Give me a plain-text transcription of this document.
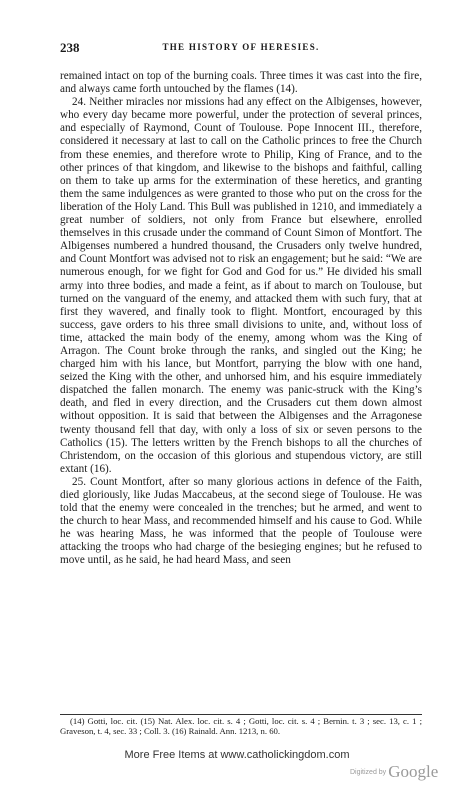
238	THE HISTORY OF HERESIES.

remained intact on top of the burning coals. Three times it was cast into the fire, and always came forth untouched by the flames (14).

24. Neither miracles nor missions had any effect on the Albigenses, however, who every day became more powerful, under the protection of several princes, and especially of Raymond, Count of Toulouse. Pope Innocent III., therefore, considered it necessary at last to call on the Catholic princes to free the Church from these enemies, and therefore wrote to Philip, King of France, and to the other princes of that kingdom, and likewise to the bishops and faithful, calling on them to take up arms for the extermination of these heretics, and granting them the same indulgences as were granted to those who put on the cross for the liberation of the Holy Land. This Bull was published in 1210, and immediately a great number of soldiers, not only from France but elsewhere, enrolled themselves in this crusade under the command of Count Simon of Montfort. The Albigenses numbered a hundred thousand, the Crusaders only twelve hundred, and Count Montfort was advised not to risk an engagement; but he said: “We are numerous enough, for we fight for God and God for us.” He divided his small army into three bodies, and made a feint, as if about to march on Toulouse, but turned on the vanguard of the enemy, and attacked them with such fury, that at first they wavered, and finally took to flight. Montfort, encouraged by this success, gave orders to his three small divisions to unite, and, without loss of time, attacked the main body of the enemy, among whom was the King of Arragon. The Count broke through the ranks, and singled out the King; he charged him with his lance, but Montfort, parrying the blow with one hand, seized the King with the other, and unhorsed him, and his esquire immediately dispatched the fallen monarch. The enemy was panic-struck with the King’s death, and fled in every direction, and the Crusaders cut them down almost without opposition. It is said that between the Albigenses and the Arragonese twenty thousand fell that day, with only a loss of six or seven persons to the Catholics (15). The letters written by the French bishops to all the churches of Christendom, on the occasion of this glorious and stupendous victory, are still extant (16).

25. Count Montfort, after so many glorious actions in defence of the Faith, died gloriously, like Judas Maccabeus, at the second siege of Toulouse. He was told that the enemy were concealed in the trenches; but he armed, and went to the church to hear Mass, and recommended himself and his cause to God. While he was hearing Mass, he was informed that the people of Toulouse were attacking the troops who had charge of the besieging engines; but he refused to move until, as he said, he had heard Mass, and seen

(14) Gotti, loc. cit. (15) Nat. Alex. loc. cit. s. 4 ; Gotti, loc. cit. s. 4 ; Bernin. t. 3 ; sec. 13, c. 1 ; Graveson, t. 4, sec. 33 ; Coll. 3. (16) Rainald. Ann. 1213, n. 60.

More Free Items at www.catholickingdom.com
Digitized by Google
